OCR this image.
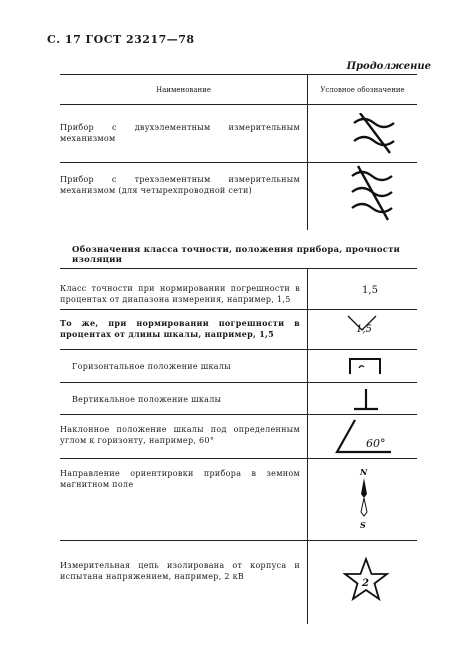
С. 17 ГОСТ 23217—78
Продолжение
Наименование	Условное обозначение
Прибор с двухэлементным измерительным механизмом
Прибор с трехэлементным измерительным механизмом (для четырехпроводной сети)
Обозначения класса точности, положения прибора, прочности изоляции
Класс точности при нормировании погрешности в процентах от диапазона измерения, например, 1,5
То же, при нормировании погрешности в процентах от длины шкалы, например, 1,5
Горизонтальное положение шкалы
Вертикальное положение шкалы
Наклонное положение шкалы под определенным углом к горизонту, например, 60°
Направление ориентировки прибора в земном магнитном поле
Измерительная цепь изолирована от корпуса и испытана напряжением, например, 2 кВ
1,5
1,5
60°
N
S
2
